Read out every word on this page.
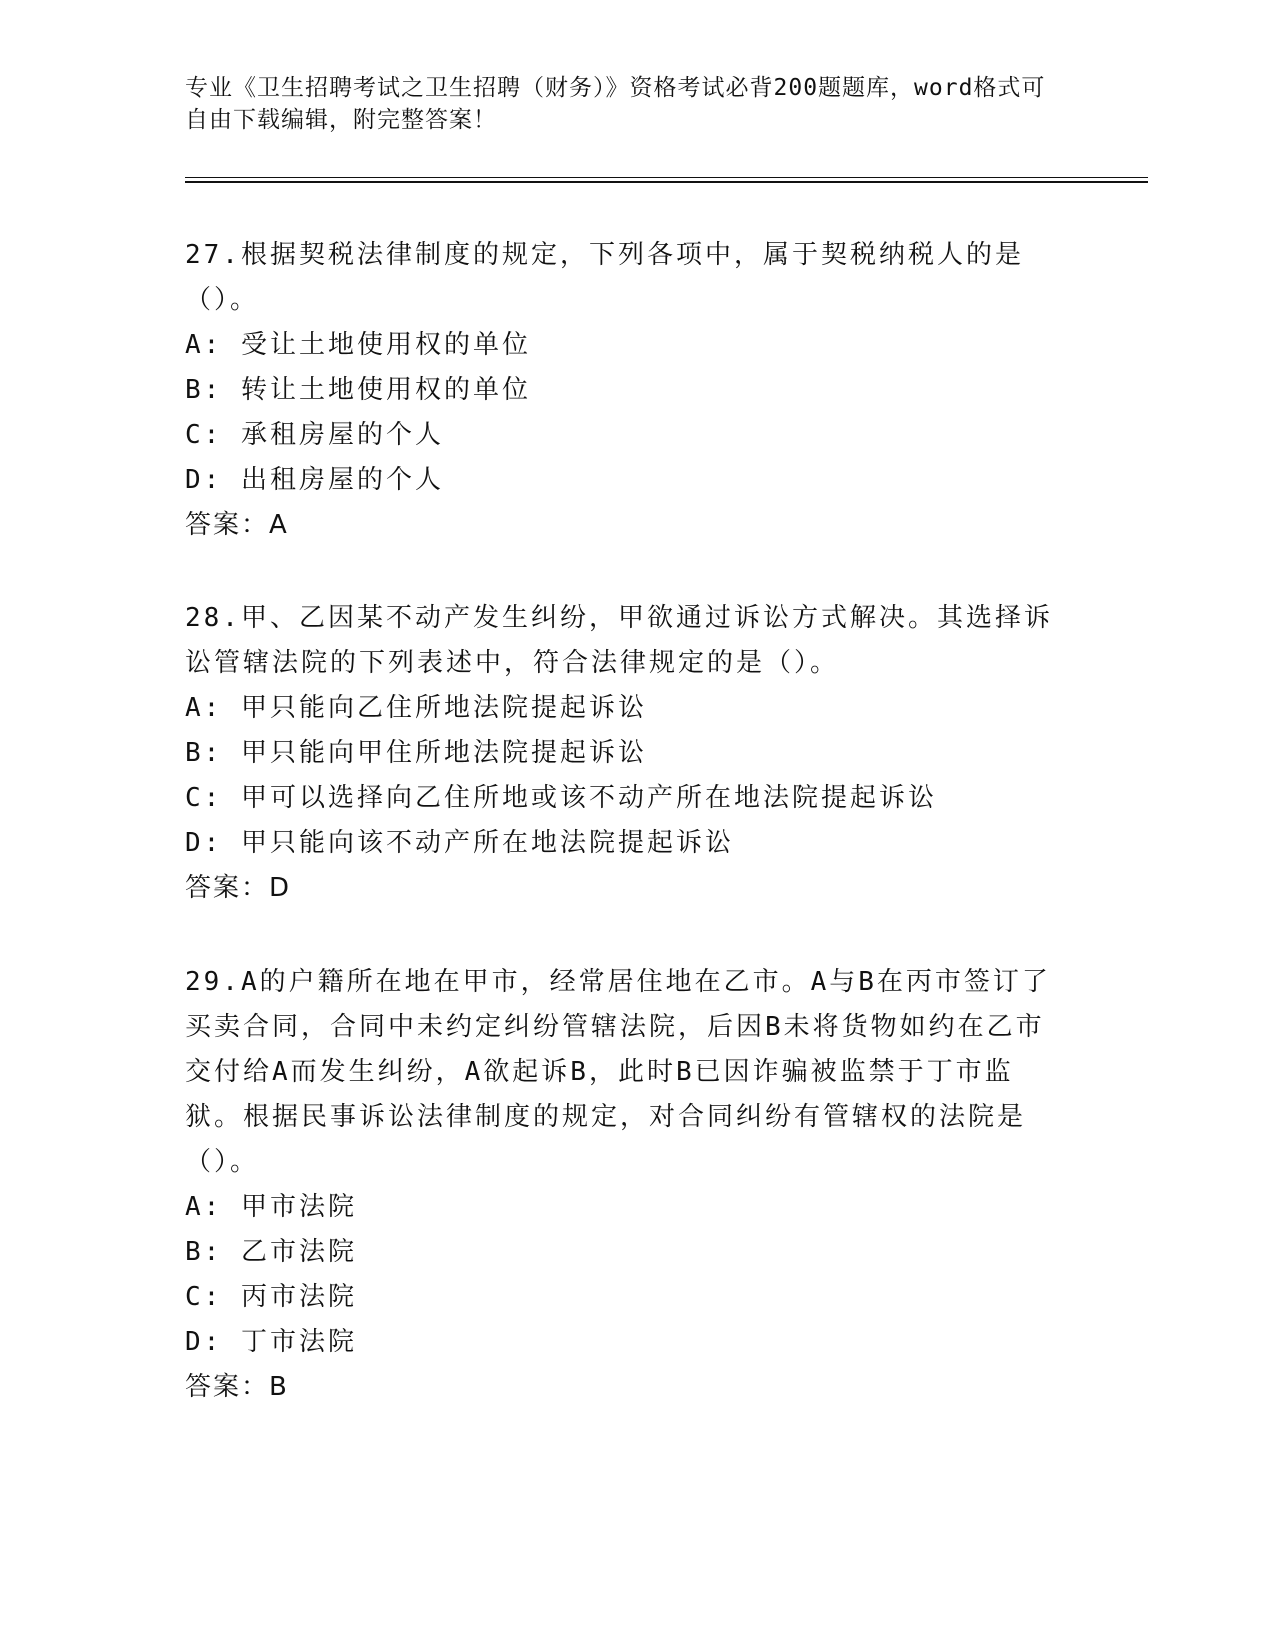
专业《卫生招聘考试之卫生招聘（财务）》资格考试必背200题题库，word格式可自由下载编辑，附完整答案！

27.根据契税法律制度的规定，下列各项中，属于契税纳税人的是（）。

A: 受让土地使用权的单位

B: 转让土地使用权的单位

C: 承租房屋的个人

D: 出租房屋的个人

答案：A

28.甲、乙因某不动产发生纠纷，甲欲通过诉讼方式解决。其选择诉讼管辖法院的下列表述中，符合法律规定的是（）。

A: 甲只能向乙住所地法院提起诉讼

B: 甲只能向甲住所地法院提起诉讼

C: 甲可以选择向乙住所地或该不动产所在地法院提起诉讼

D: 甲只能向该不动产所在地法院提起诉讼

答案：D

29.A的户籍所在地在甲市，经常居住地在乙市。A与B在丙市签订了买卖合同，合同中未约定纠纷管辖法院，后因B未将货物如约在乙市交付给A而发生纠纷，A欲起诉B，此时B已因诈骗被监禁于丁市监狱。根据民事诉讼法律制度的规定，对合同纠纷有管辖权的法院是（）。

A: 甲市法院

B: 乙市法院

C: 丙市法院

D: 丁市法院

答案：B
